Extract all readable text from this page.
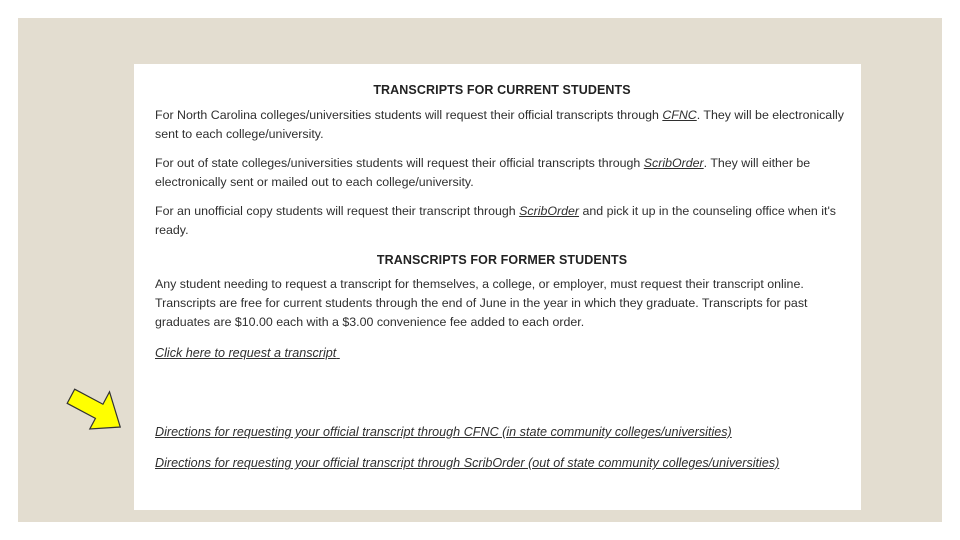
TRANSCRIPTS FOR CURRENT STUDENTS

For North Carolina colleges/universities students will request their official transcripts through CFNC. They will be electronically sent to each college/university.

For out of state colleges/universities students will request their official transcripts through ScribOrder. They will either be electronically sent or mailed out to each college/university.

For an unofficial copy students will request their transcript through ScribOrder and pick it up in the counseling office when it's ready.

TRANSCRIPTS FOR FORMER STUDENTS

Any student needing to request a transcript for themselves, a college, or employer, must request their transcript online. Transcripts are free for current students through the end of June in the year in which they graduate. Transcripts for past graduates are $10.00 each with a $3.00 convenience fee added to each order.

Click here to request a transcript

Directions for requesting your official transcript through CFNC (in state community colleges/universities)

Directions for requesting your official transcript through ScribOrder (out of state community colleges/universities)
